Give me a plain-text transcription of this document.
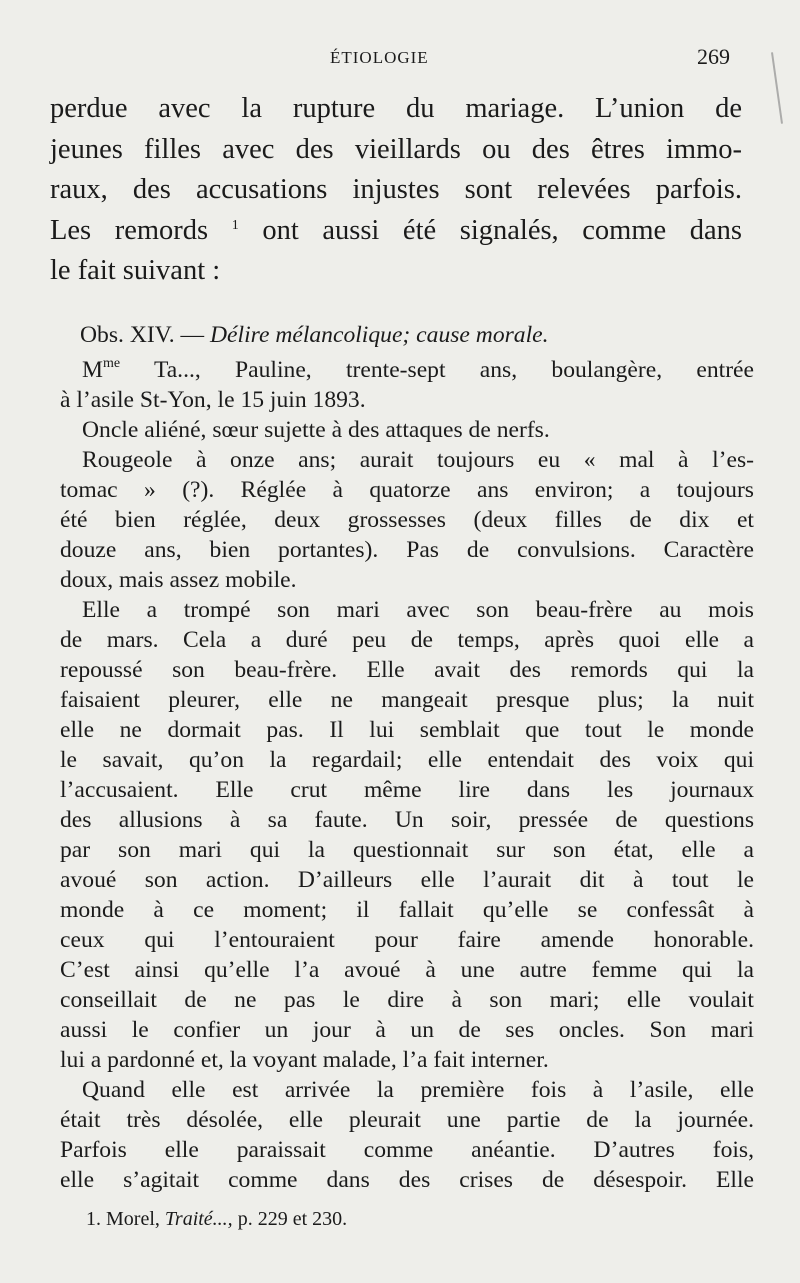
ÉTIOLOGIE	269
perdue avec la rupture du mariage. L’union de
jeunes filles avec des vieillards ou des êtres immo-
raux, des accusations injustes sont relevées parfois.
Les remords $^1$ ont aussi été signalés, comme dans
le fait suivant :
Obs. XIV. — Délire mélancolique; cause morale.
$M^{me}$ Ta..., Pauline, trente-sept ans, boulangère, entrée
à l’asile St-Yon, le 15 juin 1893.
Oncle aliéné, sœur sujette à des attaques de nerfs.
Rougeole à onze ans; aurait toujours eu « mal à l’es-
tomac » (?). Réglée à quatorze ans environ; a toujours
été bien réglée, deux grossesses (deux filles de dix et
douze ans, bien portantes). Pas de convulsions. Caractère
doux, mais assez mobile.
Elle a trompé son mari avec son beau-frère au mois
de mars. Cela a duré peu de temps, après quoi elle a
repoussé son beau-frère. Elle avait des remords qui la
faisaient pleurer, elle ne mangeait presque plus; la nuit
elle ne dormait pas. Il lui semblait que tout le monde
le savait, qu’on la regardail; elle entendait des voix qui
l’accusaient. Elle crut même lire dans les journaux
des allusions à sa faute. Un soir, pressée de questions
par son mari qui la questionnait sur son état, elle a
avoué son action. D’ailleurs elle l’aurait dit à tout le
monde à ce moment; il fallait qu’elle se confessât à
ceux qui l’entouraient pour faire amende honorable.
C’est ainsi qu’elle l’a avoué à une autre femme qui la
conseillait de ne pas le dire à son mari; elle voulait
aussi le confier un jour à un de ses oncles. Son mari
lui a pardonné et, la voyant malade, l’a fait interner.
Quand elle est arrivée la première fois à l’asile, elle
était très désolée, elle pleurait une partie de la journée.
Parfois elle paraissait comme anéantie. D’autres fois,
elle s’agitait comme dans des crises de désespoir. Elle
1. Morel, Traité..., p. 229 et 230.
